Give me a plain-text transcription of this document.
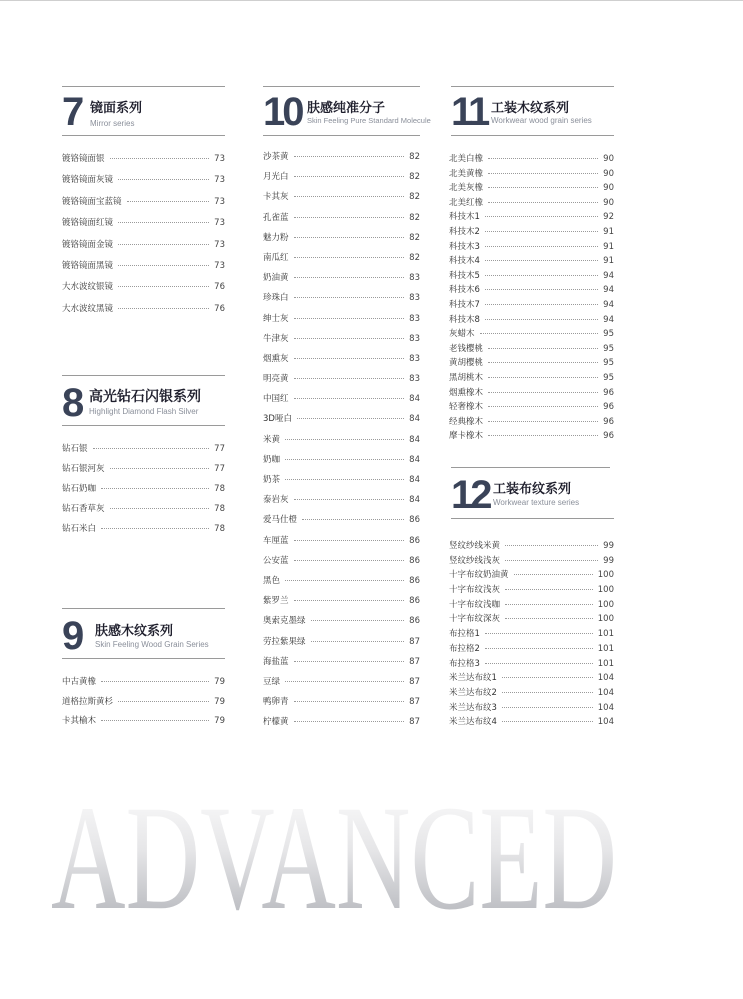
7 镜面系列
Mirror series
镀铬镜面银	73
镀铬镜面灰镜	73
镀铬镜面宝蓝镜	73
镀铬镜面红镜	73
镀铬镜面金镜	73
镀铬镜面黑镜	73
大水波纹银镜	76
大水波纹黑镜	76
8 高光钻石闪银系列
Highlight Diamond Flash Silver
钻石银	77
钻石银河灰	77
钻石奶咖	78
钻石香草灰	78
钻石米白	78
9 肤感木纹系列
Skin Feeling Wood Grain Series
中古黄橡	79
道格拉斯黄杉	79
卡其榆木	79
10 肤感纯准分子
Skin Feeling Pure Standard Molecule
沙茶黄	82
月光白	82
卡其灰	82
孔雀蓝	82
魅力粉	82
南瓜红	82
奶油黄	83
珍珠白	83
绅士灰	83
牛津灰	83
烟熏灰	83
明亮黄	83
中国红	84
3D哑白	84
米黄	84
奶咖	84
奶茶	84
泰岩灰	84
爱马仕橙	86
车厘蓝	86
公安蓝	86
黑色	86
紫罗兰	86
奥索克墨绿	86
劳拉紫果绿	87
海盐蓝	87
豆绿	87
鸭卵青	87
柠檬黄	87
11 工装木纹系列
Workwear wood grain series
北美白橡	90
北美黄橡	90
北美灰橡	90
北美红橡	90
科技木1	92
科技木2	91
科技木3	91
科技木4	91
科技木5	94
科技木6	94
科技木7	94
科技木8	94
灰蜡木	95
老钱樱桃	95
黄胡樱桃	95
黑胡桃木	95
烟熏橡木	96
轻奢橡木	96
经典橡木	96
摩卡橡木	96
12 工装布纹系列
Workwear texture series
竖纹纱线米黄	99
竖纹纱线浅灰	99
十字布纹奶油黄	100
十字布纹浅灰	100
十字布纹浅咖	100
十字布纹深灰	100
布拉格1	101
布拉格2	101
布拉格3	101
米兰达布纹1	104
米兰达布纹2	104
米兰达布纹3	104
米兰达布纹4	104
ADVANCED
